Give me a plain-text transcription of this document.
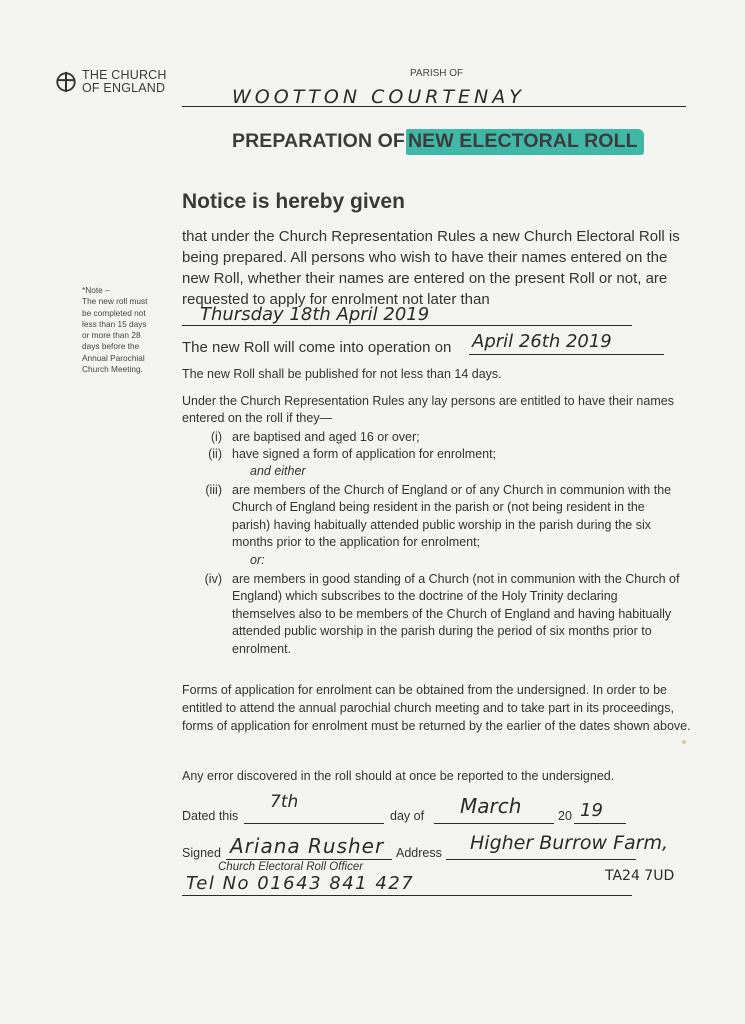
THE CHURCH
OF ENGLAND
PARISH OF
WOOTTON COURTENAY
PREPARATION OF NEW ELECTORAL ROLL
Notice is hereby given
that under the Church Representation Rules a new Church Electoral Roll is being prepared. All persons who wish to have their names entered on the new Roll, whether their names are entered on the present Roll or not, are requested to apply for enrolment not later than
*Note –
The new roll must
be completed not
less than 15 days
or more than 28
days before the
Annual Parochial
Church Meeting.
Thursday 18th April 2019
The new Roll will come into operation on April 26th 2019
The new Roll shall be published for not less than 14 days.
Under the Church Representation Rules any lay persons are entitled to have their names entered on the roll if they—
(i) are baptised and aged 16 or over;
(ii) have signed a form of application for enrolment;
and either
(iii) are members of the Church of England or of any Church in communion with the Church of England being resident in the parish or (not being resident in the parish) having habitually attended public worship in the parish during the six months prior to the application for enrolment;
or:
(iv) are members in good standing of a Church (not in communion with the Church of England) which subscribes to the doctrine of the Holy Trinity declaring themselves also to be members of the Church of England and having habitually attended public worship in the parish during the period of six months prior to enrolment.
Forms of application for enrolment can be obtained from the undersigned. In order to be entitled to attend the annual parochial church meeting and to take part in its proceedings, forms of application for enrolment must be returned by the earlier of the dates shown above.
Any error discovered in the roll should at once be reported to the undersigned.
Dated this
7th
day of March	20 19
Signed Ariana Rusher Address Higher Burrow Farm,
Church Electoral Roll Officer
TA24 7UD
Tel No 01643 841 427
